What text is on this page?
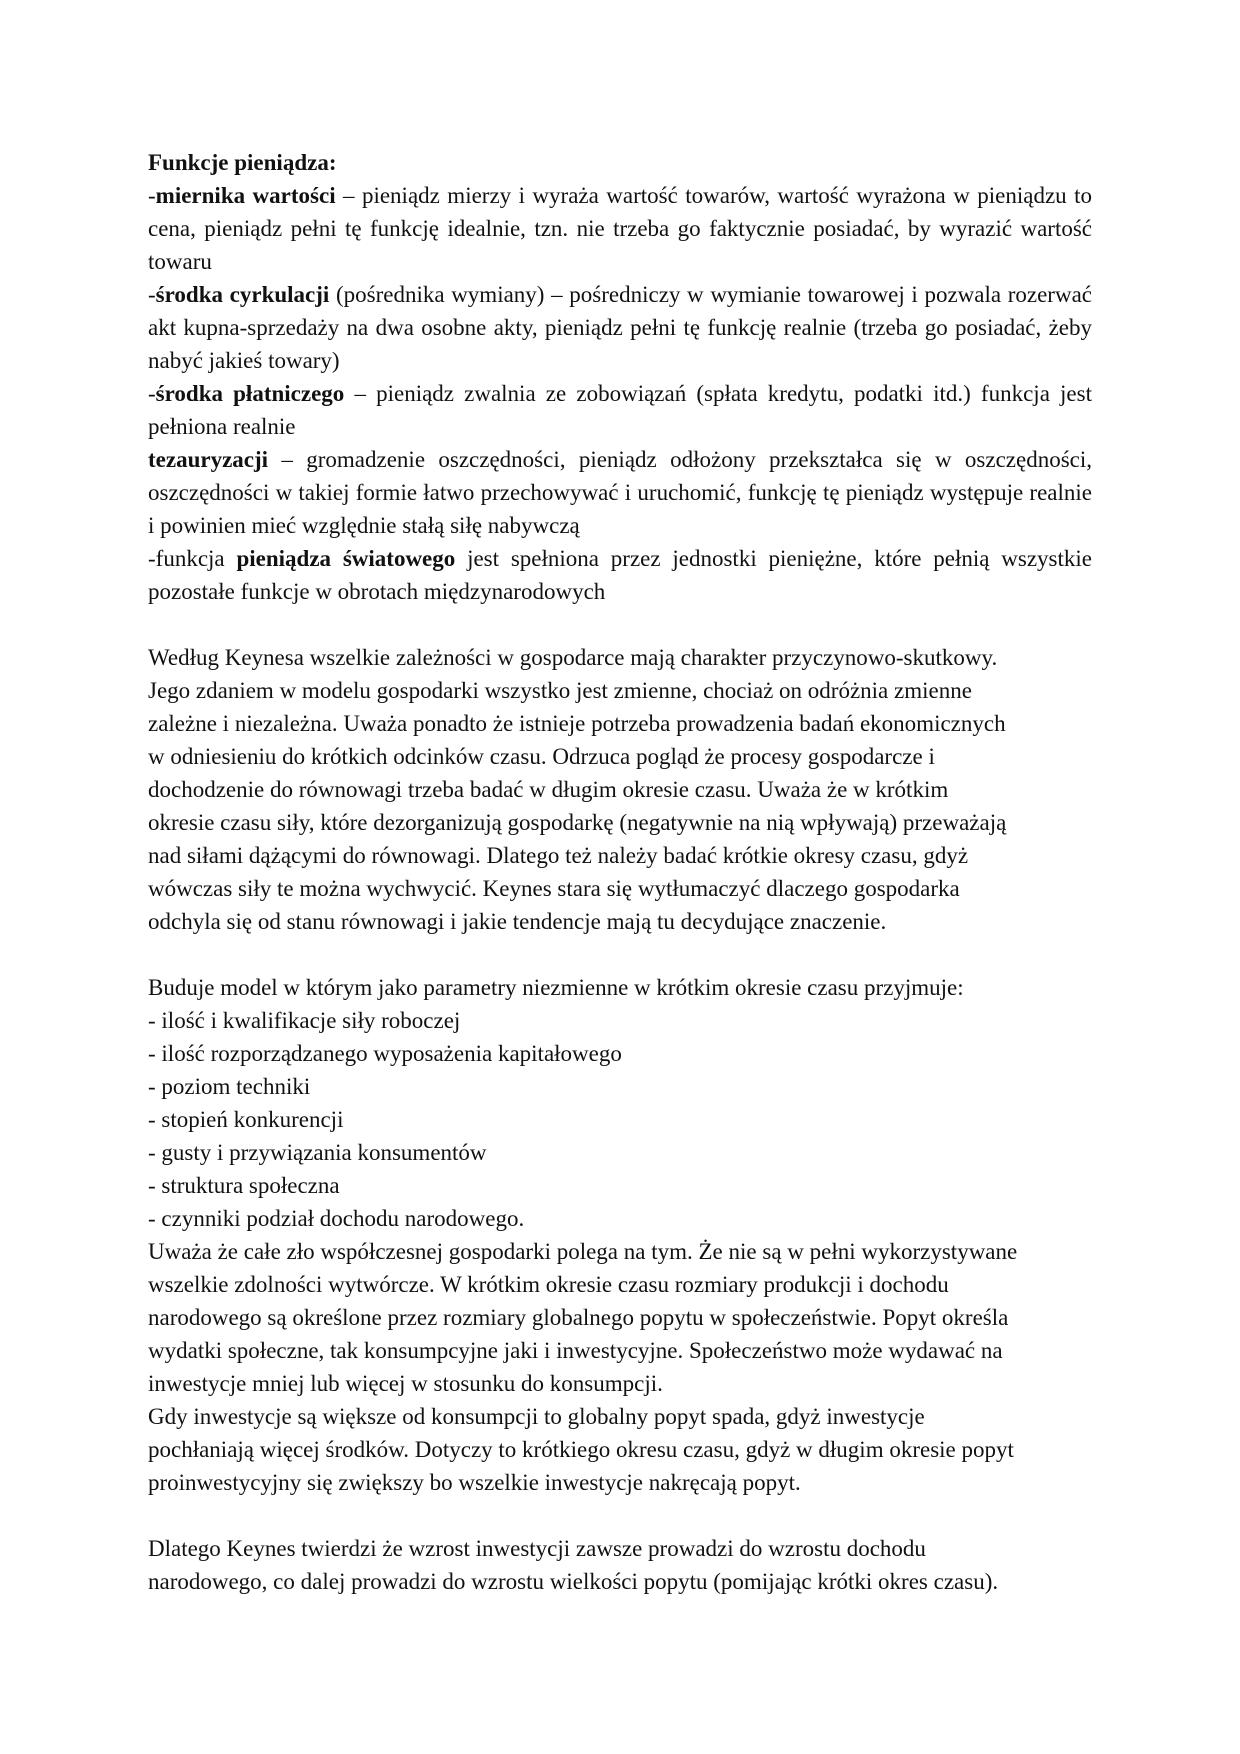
Funkcje pieniądza:

-miernika wartości – pieniądz mierzy i wyraża wartość towarów, wartość wyrażona w pieniądzu to cena, pieniądz pełni tę funkcję idealnie, tzn. nie trzeba go faktycznie posiadać, by wyrazić wartość towaru

-środka cyrkulacji (pośrednika wymiany) – pośredniczy w wymianie towarowej i pozwala rozerwać akt kupna-sprzedaży na dwa osobne akty, pieniądz pełni tę funkcję realnie (trzeba go posiadać, żeby nabyć jakieś towary)

-środka płatniczego – pieniądz zwalnia ze zobowiązań (spłata kredytu, podatki itd.) funkcja jest pełniona realnie

tezauryzacji – gromadzenie oszczędności, pieniądz odłożony przekształca się w oszczędności, oszczędności w takiej formie łatwo przechowywać i uruchomić, funkcję tę pieniądz występuje realnie i powinien mieć względnie stałą siłę nabywczą

-funkcja pieniądza światowego jest spełniona przez jednostki pieniężne, które pełnią wszystkie pozostałe funkcje w obrotach międzynarodowych

Według Keynesa wszelkie zależności w gospodarce mają charakter przyczynowo-skutkowy.
Jego zdaniem w modelu gospodarki wszystko jest zmienne, chociaż on odróżnia zmienne
zależne i niezależna. Uważa ponadto że istnieje potrzeba prowadzenia badań ekonomicznych
w odniesieniu do krótkich odcinków czasu. Odrzuca pogląd że procesy gospodarcze i
dochodzenie do równowagi trzeba badać w długim okresie czasu. Uważa że w krótkim
okresie czasu siły, które dezorganizują gospodarkę (negatywnie na nią wpływają) przeważają
nad siłami dążącymi do równowagi. Dlatego też należy badać krótkie okresy czasu, gdyż
wówczas siły te można wychwycić. Keynes stara się wytłumaczyć dlaczego gospodarka
odchyla się od stanu równowagi i jakie tendencje mają tu decydujące znaczenie.
Buduje model w którym jako parametry niezmienne w krótkim okresie czasu przyjmuje:
- ilość i kwalifikacje siły roboczej
- ilość rozporządzanego wyposażenia kapitałowego
- poziom techniki
- stopień konkurencji
- gusty i przywiązania konsumentów
- struktura społeczna
- czynniki podział dochodu narodowego.
Uważa że całe zło współczesnej gospodarki polega na tym. Że nie są w pełni wykorzystywane
wszelkie zdolności wytwórcze. W krótkim okresie czasu rozmiary produkcji i dochodu
narodowego są określone przez rozmiary globalnego popytu w społeczeństwie. Popyt określa
wydatki społeczne, tak konsumpcyjne jaki i inwestycyjne. Społeczeństwo może wydawać na
inwestycje mniej lub więcej w stosunku do konsumpcji.
Gdy inwestycje są większe od konsumpcji to globalny popyt spada, gdyż inwestycje
pochłaniają więcej środków. Dotyczy to krótkiego okresu czasu, gdyż w długim okresie popyt
proinwestycyjny się zwiększy bo wszelkie inwestycje nakręcają popyt.
Dlatego Keynes twierdzi że wzrost inwestycji zawsze prowadzi do wzrostu dochodu
narodowego, co dalej prowadzi do wzrostu wielkości popytu (pomijając krótki okres czasu).
